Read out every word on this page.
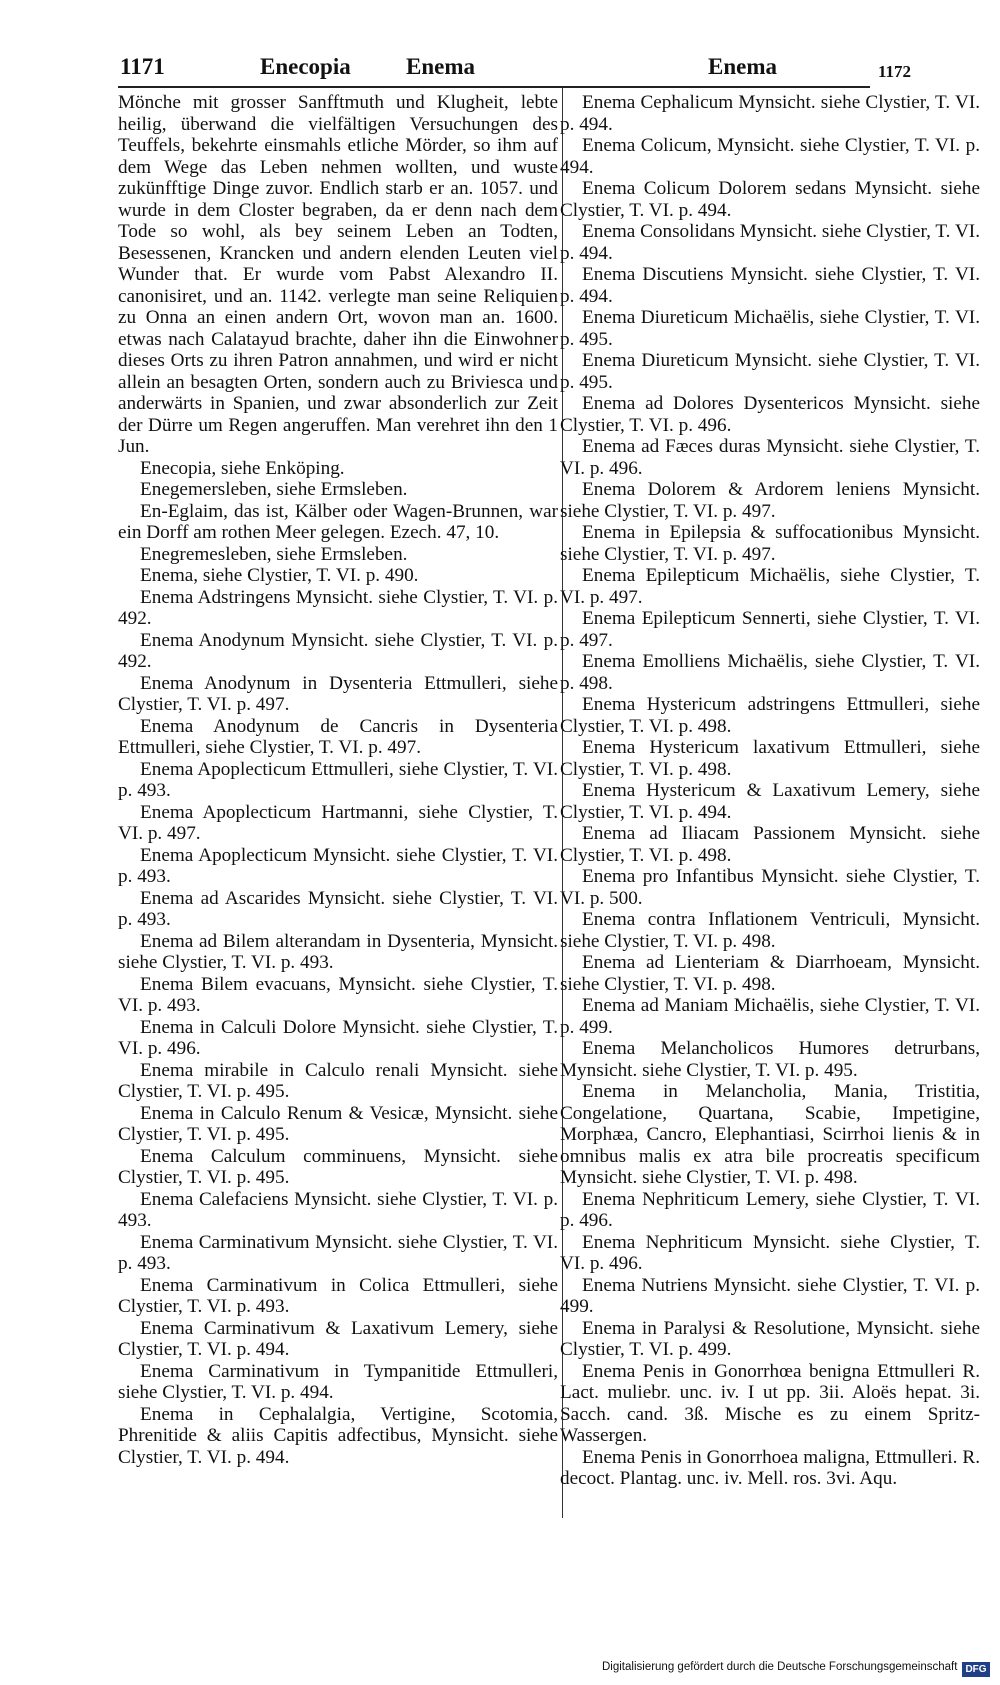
1171	Enecopia Enema	Enema	1172

Mönche mit grosser Sanfftmuth und Klugheit, lebte heilig, überwand die vielfältigen Versuchungen des Teuffels, bekehrte einsmahls etliche Mörder, so ihm auf dem Wege das Leben nehmen wollten, und wuste zukünfftige Dinge zuvor. Endlich starb er an. 1057. und wurde in dem Closter begraben, da er denn nach dem Tode so wohl, als bey seinem Leben an Todten, Besessenen, Krancken und andern elenden Leuten viel Wunder that. Er wurde vom Pabst Alexandro II. canonisiret, und an. 1142. verlegte man seine Reliquien zu Onna an einen andern Ort, wovon man an. 1600. etwas nach Calatayud brachte, daher ihn die Einwohner dieses Orts zu ihren Patron annahmen, und wird er nicht allein an besagten Orten, sondern auch zu Briviesca und anderwärts in Spanien, und zwar absonderlich zur Zeit der Dürre um Regen angeruffen. Man verehret ihn den 1 Jun.

Enecopia, siehe Enköping.

Enegemersleben, siehe Ermsleben.

En-Eglaim, das ist, Kälber oder Wagen-Brunnen, war ein Dorff am rothen Meer gelegen. Ezech. 47, 10.

Enegremesleben, siehe Ermsleben.

Enema, siehe Clystier, T. VI. p. 490.

Enema Adstringens Mynsicht. siehe Clystier, T. VI. p. 492.

Enema Anodynum Mynsicht. siehe Clystier, T. VI. p. 492.

Enema Anodynum in Dysenteria Ettmulleri, siehe Clystier, T. VI. p. 497.

Enema Anodynum de Cancris in Dysenteria Ettmulleri, siehe Clystier, T. VI. p. 497.

Enema Apoplecticum Ettmulleri, siehe Clystier, T. VI. p. 493.

Enema Apoplecticum Hartmanni, siehe Clystier, T. VI. p. 497.

Enema Apoplecticum Mynsicht. siehe Clystier, T. VI. p. 493.

Enema ad Ascarides Mynsicht. siehe Clystier, T. VI. p. 493.

Enema ad Bilem alterandam in Dysenteria, Mynsicht. siehe Clystier, T. VI. p. 493.

Enema Bilem evacuans, Mynsicht. siehe Clystier, T. VI. p. 493.

Enema in Calculi Dolore Mynsicht. siehe Clystier, T. VI. p. 496.

Enema mirabile in Calculo renali Mynsicht. siehe Clystier, T. VI. p. 495.

Enema in Calculo Renum & Vesicæ, Mynsicht. siehe Clystier, T. VI. p. 495.

Enema Calculum comminuens, Mynsicht. siehe Clystier, T. VI. p. 495.

Enema Calefaciens Mynsicht. siehe Clystier, T. VI. p. 493.

Enema Carminativum Mynsicht. siehe Clystier, T. VI. p. 493.

Enema Carminativum in Colica Ettmulleri, siehe Clystier, T. VI. p. 493.

Enema Carminativum & Laxativum Lemery, siehe Clystier, T. VI. p. 494.

Enema Carminativum in Tympanitide Ettmulleri, siehe Clystier, T. VI. p. 494.

Enema in Cephalalgia, Vertigine, Scotomia, Phrenitide & aliis Capitis adfectibus, Mynsicht. siehe Clystier, T. VI. p. 494.

Enema Cephalicum Mynsicht. siehe Clystier, T. VI. p. 494.

Enema Colicum, Mynsicht. siehe Clystier, T. VI. p. 494.

Enema Colicum Dolorem sedans Mynsicht. siehe Clystier, T. VI. p. 494.

Enema Consolidans Mynsicht. siehe Clystier, T. VI. p. 494.

Enema Discutiens Mynsicht. siehe Clystier, T. VI. p. 494.

Enema Diureticum Michaëlis, siehe Clystier, T. VI. p. 495.

Enema Diureticum Mynsicht. siehe Clystier, T. VI. p. 495.

Enema ad Dolores Dysentericos Mynsicht. siehe Clystier, T. VI. p. 496.

Enema ad Fæces duras Mynsicht. siehe Clystier, T. VI. p. 496.

Enema Dolorem & Ardorem leniens Mynsicht. siehe Clystier, T. VI. p. 497.

Enema in Epilepsia & suffocationibus Mynsicht. siehe Clystier, T. VI. p. 497.

Enema Epilepticum Michaëlis, siehe Clystier, T. VI. p. 497.

Enema Epilepticum Sennerti, siehe Clystier, T. VI. p. 497.

Enema Emolliens Michaëlis, siehe Clystier, T. VI. p. 498.

Enema Hystericum adstringens Ettmulleri, siehe Clystier, T. VI. p. 498.

Enema Hystericum laxativum Ettmulleri, siehe Clystier, T. VI. p. 498.

Enema Hystericum & Laxativum Lemery, siehe Clystier, T. VI. p. 494.

Enema ad Iliacam Passionem Mynsicht. siehe Clystier, T. VI. p. 498.

Enema pro Infantibus Mynsicht. siehe Clystier, T. VI. p. 500.

Enema contra Inflationem Ventriculi, Mynsicht. siehe Clystier, T. VI. p. 498.

Enema ad Lienteriam & Diarrhoeam, Mynsicht. siehe Clystier, T. VI. p. 498.

Enema ad Maniam Michaëlis, siehe Clystier, T. VI. p. 499.

Enema Melancholicos Humores detrurbans, Mynsicht. siehe Clystier, T. VI. p. 495.

Enema in Melancholia, Mania, Tristitia, Congelatione, Quartana, Scabie, Impetigine, Morphæa, Cancro, Elephantiasi, Scirrhoi lienis & in omnibus malis ex atra bile procreatis specificum Mynsicht. siehe Clystier, T. VI. p. 498.

Enema Nephriticum Lemery, siehe Clystier, T. VI. p. 496.

Enema Nephriticum Mynsicht. siehe Clystier, T. VI. p. 496.

Enema Nutriens Mynsicht. siehe Clystier, T. VI. p. 499.

Enema in Paralysi & Resolutione, Mynsicht. siehe Clystier, T. VI. p. 499.

Enema Penis in Gonorrhœa benigna Ettmulleri R. Lact. muliebr. unc. iv. I ut pp. 3ii. Aloës hepat. 3i. Sacch. cand. 3ß. Mische es zu einem Spritz-Wassergen.

Enema Penis in Gonorrhoea maligna, Ettmulleri. R. decoct. Plantag. unc. iv. Mell. ros. 3vi. Aqu.

Digitalisierung gefördert durch die Deutsche Forschungsgemeinschaft DFG
